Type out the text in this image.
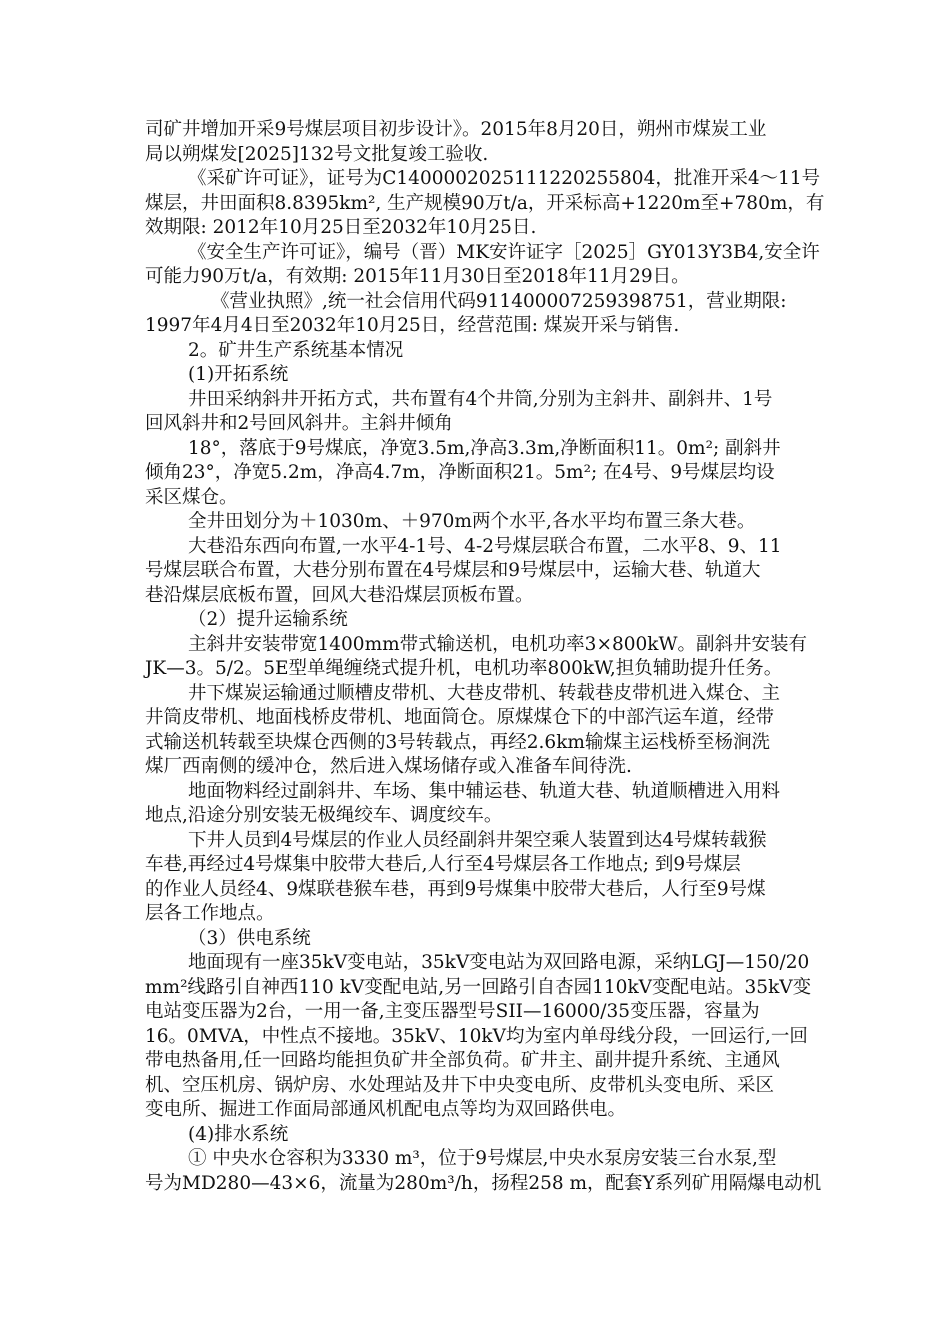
司矿井增加开采9号煤层项目初步设计》。2015年8月20日，朔州市煤炭工业
局以朔煤发[2025]132号文批复竣工验收.
《采矿许可证》，证号为C1400002025111220255804，批准开采4～11号
煤层，井田面积8.8395km², 生产规模90万t/a，开采标高+1220m至+780m，有
效期限: 2012年10月25日至2032年10月25日.
《安全生产许可证》，编号（晋）MK安许证字［2025］GY013Y3B4,安全许
可能力90万t/a，有效期: 2015年11月30日至2018年11月29日。
《营业执照》,统一社会信用代码911400007259398751，营业期限:
1997年4月4日至2032年10月25日，经营范围: 煤炭开采与销售.
2。矿井生产系统基本情况
(1)开拓系统
井田采纳斜井开拓方式，共布置有4个井筒,分别为主斜井、副斜井、1号
回风斜井和2号回风斜井。主斜井倾角
18°，落底于9号煤底，净宽3.5m,净高3.3m,净断面积11。0m²; 副斜井
倾角23°，净宽5.2m，净高4.7m，净断面积21。5m²; 在4号、9号煤层均设
采区煤仓。
全井田划分为＋1030m、＋970m两个水平,各水平均布置三条大巷。
大巷沿东西向布置,一水平4-1号、4-2号煤层联合布置，二水平8、9、11
号煤层联合布置，大巷分别布置在4号煤层和9号煤层中，运输大巷、轨道大
巷沿煤层底板布置，回风大巷沿煤层顶板布置。
（2）提升运输系统
主斜井安装带宽1400mm带式输送机，电机功率3×800kW。副斜井安装有
JK—3。5/2。5E型单绳缠绕式提升机，电机功率800kW,担负辅助提升任务。
井下煤炭运输通过顺槽皮带机、大巷皮带机、转载巷皮带机进入煤仓、主
井筒皮带机、地面栈桥皮带机、地面筒仓。原煤煤仓下的中部汽运车道，经带
式输送机转载至块煤仓西侧的3号转载点，再经2.6km输煤主运栈桥至杨涧洗
煤厂西南侧的缓冲仓，然后进入煤场储存或入准备车间待洗.
地面物料经过副斜井、车场、集中辅运巷、轨道大巷、轨道顺槽进入用料
地点,沿途分别安装无极绳绞车、调度绞车。
下井人员到4号煤层的作业人员经副斜井架空乘人装置到达4号煤转载猴
车巷,再经过4号煤集中胶带大巷后,人行至4号煤层各工作地点; 到9号煤层
的作业人员经4、9煤联巷猴车巷，再到9号煤集中胶带大巷后，人行至9号煤
层各工作地点。
（3）供电系统
地面现有一座35kV变电站，35kV变电站为双回路电源，采纳LGJ—150/20
mm²线路引自神西110 kV变配电站,另一回路引自杏园110kV变配电站。35kV变
电站变压器为2台，一用一备,主变压器型号SII—16000/35变压器，容量为
16。0MVA，中性点不接地。35kV、10kV均为室内单母线分段，一回运行,一回
带电热备用,任一回路均能担负矿井全部负荷。矿井主、副井提升系统、主通风
机、空压机房、锅炉房、水处理站及井下中央变电所、皮带机头变电所、采区
变电所、掘进工作面局部通风机配电点等均为双回路供电。
(4)排水系统
① 中央水仓容积为3330 m³，位于9号煤层,中央水泵房安装三台水泵,型
号为MD280—43×6，流量为280m³/h，扬程258 m，配套Y系列矿用隔爆电动机
